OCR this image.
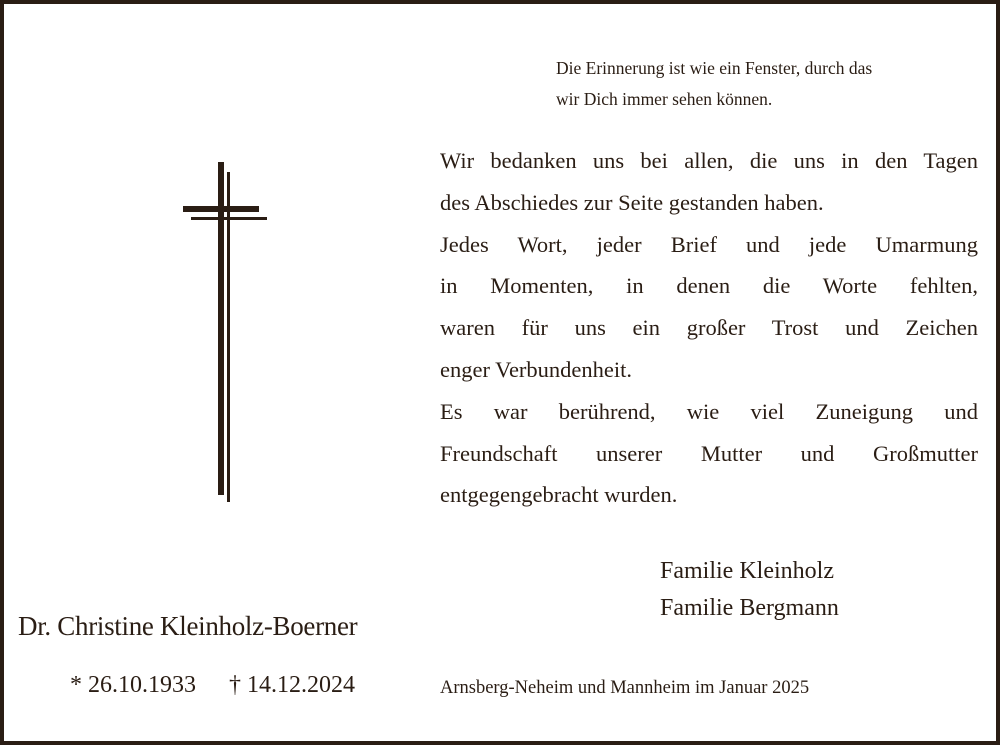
Die Erinnerung ist wie ein Fenster, durch das
wir Dich immer sehen können.
Wir bedanken uns bei allen, die uns in den Tagen
des Abschiedes zur Seite gestanden haben.
Jedes Wort, jeder Brief und jede Umarmung
in Momenten, in denen die Worte fehlten,
waren für uns ein großer Trost und Zeichen
enger Verbundenheit.
Es war berührend, wie viel Zuneigung und
Freundschaft unserer Mutter und Großmutter
entgegengebracht wurden.
Familie Kleinholz
Familie Bergmann
Dr. Christine Kleinholz-Boerner
* 26.10.1933 † 14.12.2024	Arnsberg-Neheim und Mannheim im Januar 2025
